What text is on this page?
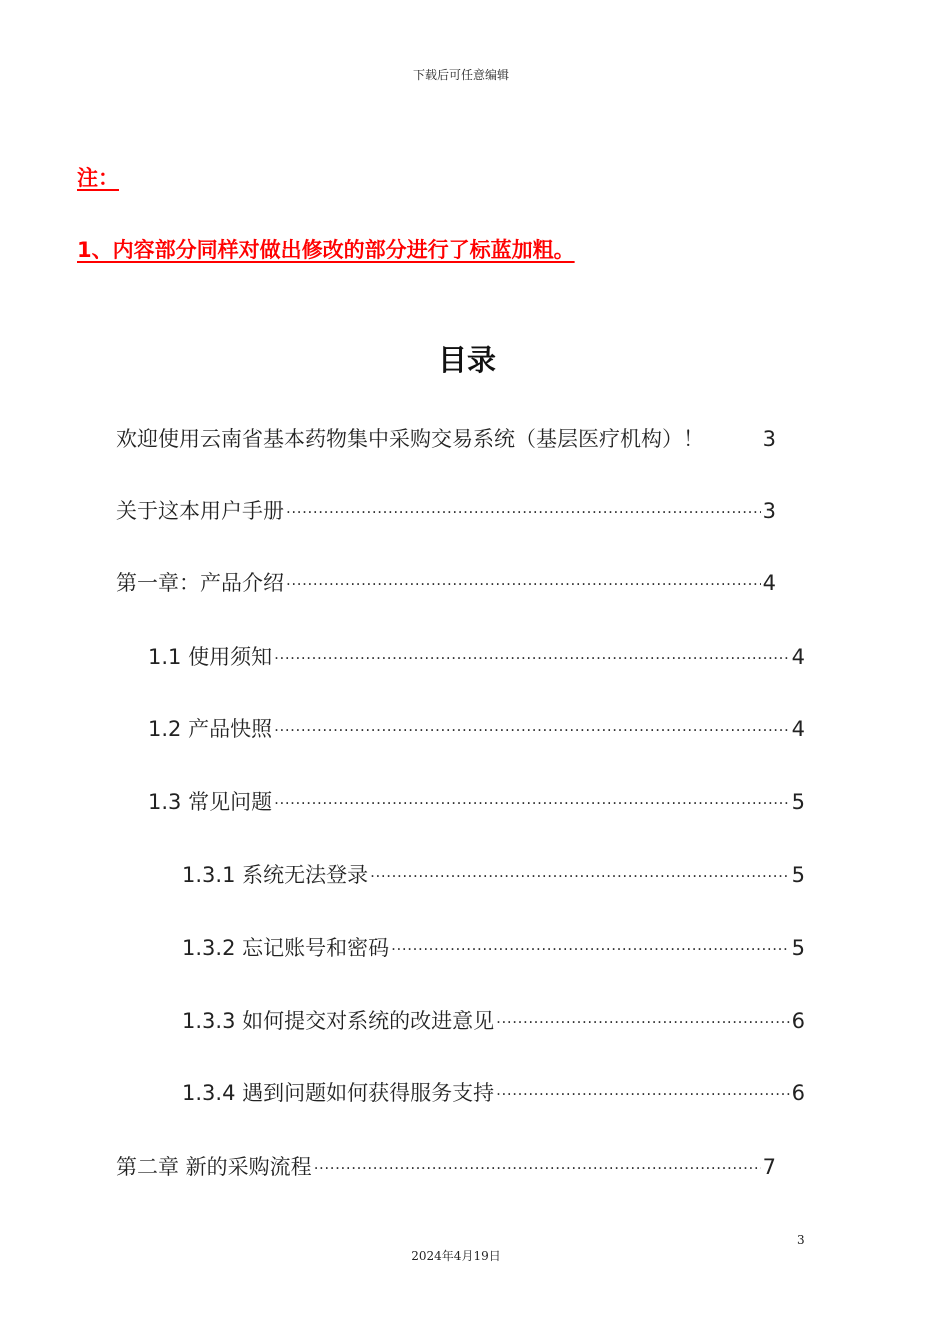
下载后可任意编辑
注：
1、内容部分同样对做出修改的部分进行了标蓝加粗。
目录
欢迎使用云南省基本药物集中采购交易系统（基层医疗机构）！	3
关于这本用户手册 .....	3
第一章：产品介绍 .....	4
1.1 使用须知 .....	4
1.2 产品快照 .....	4
1.3 常见问题 .....	5
1.3.1 系统无法登录 .....	5
1.3.2 忘记账号和密码 .....	5
1.3.3 如何提交对系统的改进意见 .....	6
1.3.4 遇到问题如何获得服务支持 .....	6
第二章 新的采购流程 .....	7
3
2024年4月19日
